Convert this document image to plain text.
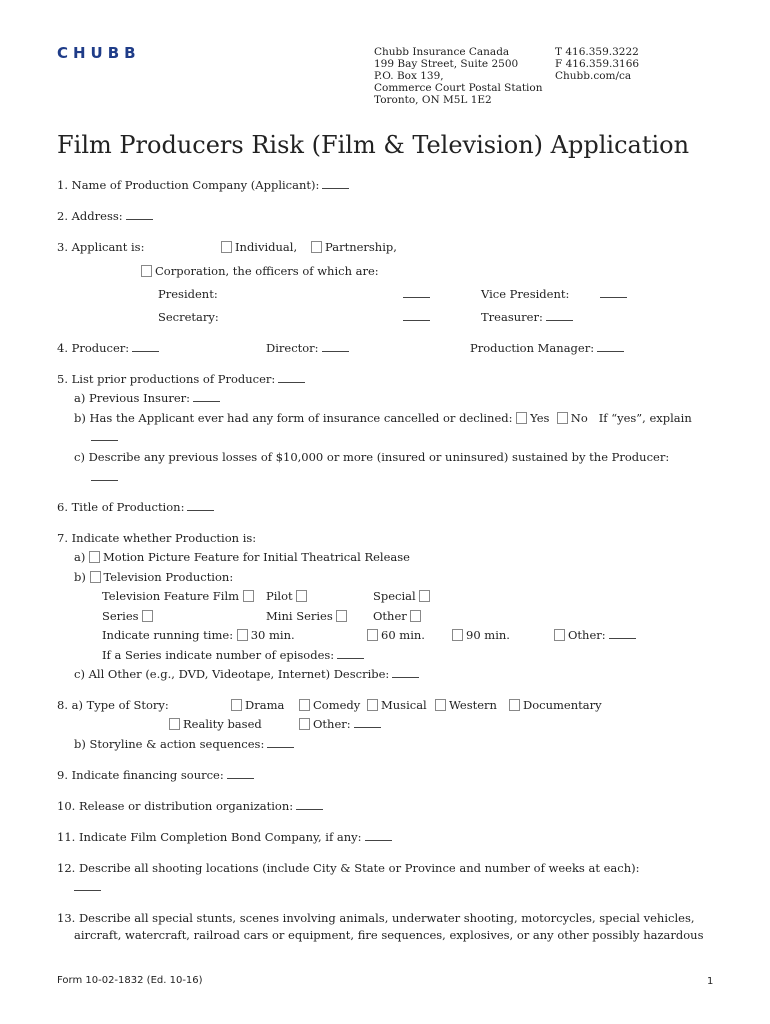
CHUBB	Chubb Insurance Canada
199 Bay Street, Suite 2500
P.O. Box 139,
Commerce Court Postal Station
Toronto, ON M5L 1E2
T 416.359.3222
F 416.359.3166
Chubb.com/ca
Film Producers Risk (Film & Television) Application
1. Name of Production Company (Applicant):
2. Address:
3. Applicant is:	Individual,	Partnership,
Corporation, the officers of which are:
President:	Vice President:
Secretary:	Treasurer:
4. Producer:	Director:	Production Manager:
5. List prior productions of Producer:
a) Previous Insurer:
b) Has the Applicant ever had any form of insurance cancelled or declined: Yes No If “yes”, explain
c) Describe any previous losses of $10,000 or more (insured or uninsured) sustained by the Producer:
6. Title of Production:
7. Indicate whether Production is:
a) Motion Picture Feature for Initial Theatrical Release
b) Television Production:
Television Feature Film	Pilot	Special
Series	Mini Series	Other
Indicate running time: 30 min.	60 min.	90 min.	Other:
If a Series indicate number of episodes:
c) All Other (e.g., DVD, Videotape, Internet) Describe:
8. a) Type of Story:	Drama	Comedy	Musical	Western	Documentary
Reality based	Other:
b) Storyline & action sequences:
9. Indicate financing source:
10. Release or distribution organization:
11. Indicate Film Completion Bond Company, if any:
12. Describe all shooting locations (include City & State or Province and number of weeks at each):
13. Describe all special stunts, scenes involving animals, underwater shooting, motorcycles, special vehicles,
aircraft, watercraft, railroad cars or equipment, fire sequences, explosives, or any other possibly hazardous
Form 10-02-1832 (Ed. 10-16)	1
